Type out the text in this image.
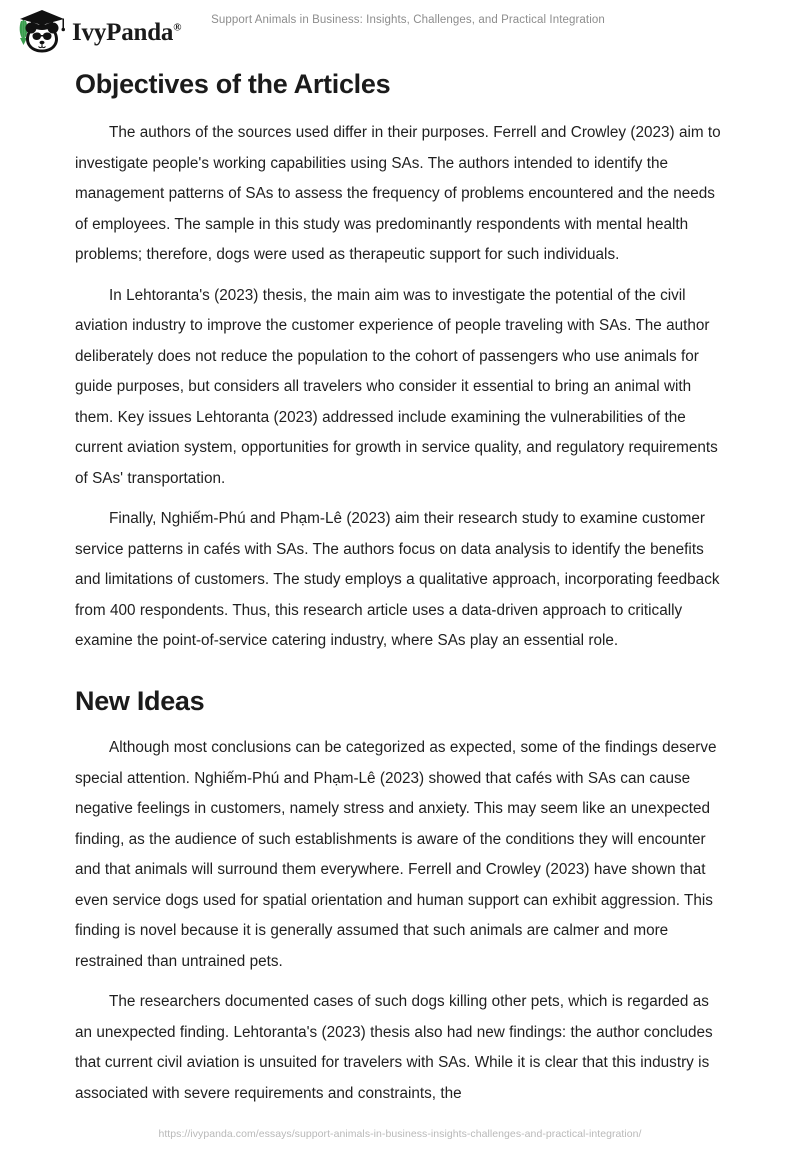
IvyPanda®
Support Animals in Business: Insights, Challenges, and Practical Integration
Objectives of the Articles

The authors of the sources used differ in their purposes. Ferrell and Crowley (2023) aim to investigate people's working capabilities using SAs. The authors intended to identify the management patterns of SAs to assess the frequency of problems encountered and the needs of employees. The sample in this study was predominantly respondents with mental health problems; therefore, dogs were used as therapeutic support for such individuals.

In Lehtoranta's (2023) thesis, the main aim was to investigate the potential of the civil aviation industry to improve the customer experience of people traveling with SAs. The author deliberately does not reduce the population to the cohort of passengers who use animals for guide purposes, but considers all travelers who consider it essential to bring an animal with them. Key issues Lehtoranta (2023) addressed include examining the vulnerabilities of the current aviation system, opportunities for growth in service quality, and regulatory requirements of SAs' transportation.

Finally, Nghiếm-Phú and Phạm-Lê (2023) aim their research study to examine customer service patterns in cafés with SAs. The authors focus on data analysis to identify the benefits and limitations of customers. The study employs a qualitative approach, incorporating feedback from 400 respondents. Thus, this research article uses a data-driven approach to critically examine the point-of-service catering industry, where SAs play an essential role.

New Ideas

Although most conclusions can be categorized as expected, some of the findings deserve special attention. Nghiếm-Phú and Phạm-Lê (2023) showed that cafés with SAs can cause negative feelings in customers, namely stress and anxiety. This may seem like an unexpected finding, as the audience of such establishments is aware of the conditions they will encounter and that animals will surround them everywhere. Ferrell and Crowley (2023) have shown that even service dogs used for spatial orientation and human support can exhibit aggression. This finding is novel because it is generally assumed that such animals are calmer and more restrained than untrained pets.

The researchers documented cases of such dogs killing other pets, which is regarded as an unexpected finding. Lehtoranta's (2023) thesis also had new findings: the author concludes that current civil aviation is unsuited for travelers with SAs. While it is clear that this industry is associated with severe requirements and constraints, the

https://ivypanda.com/essays/support-animals-in-business-insights-challenges-and-practical-integration/
